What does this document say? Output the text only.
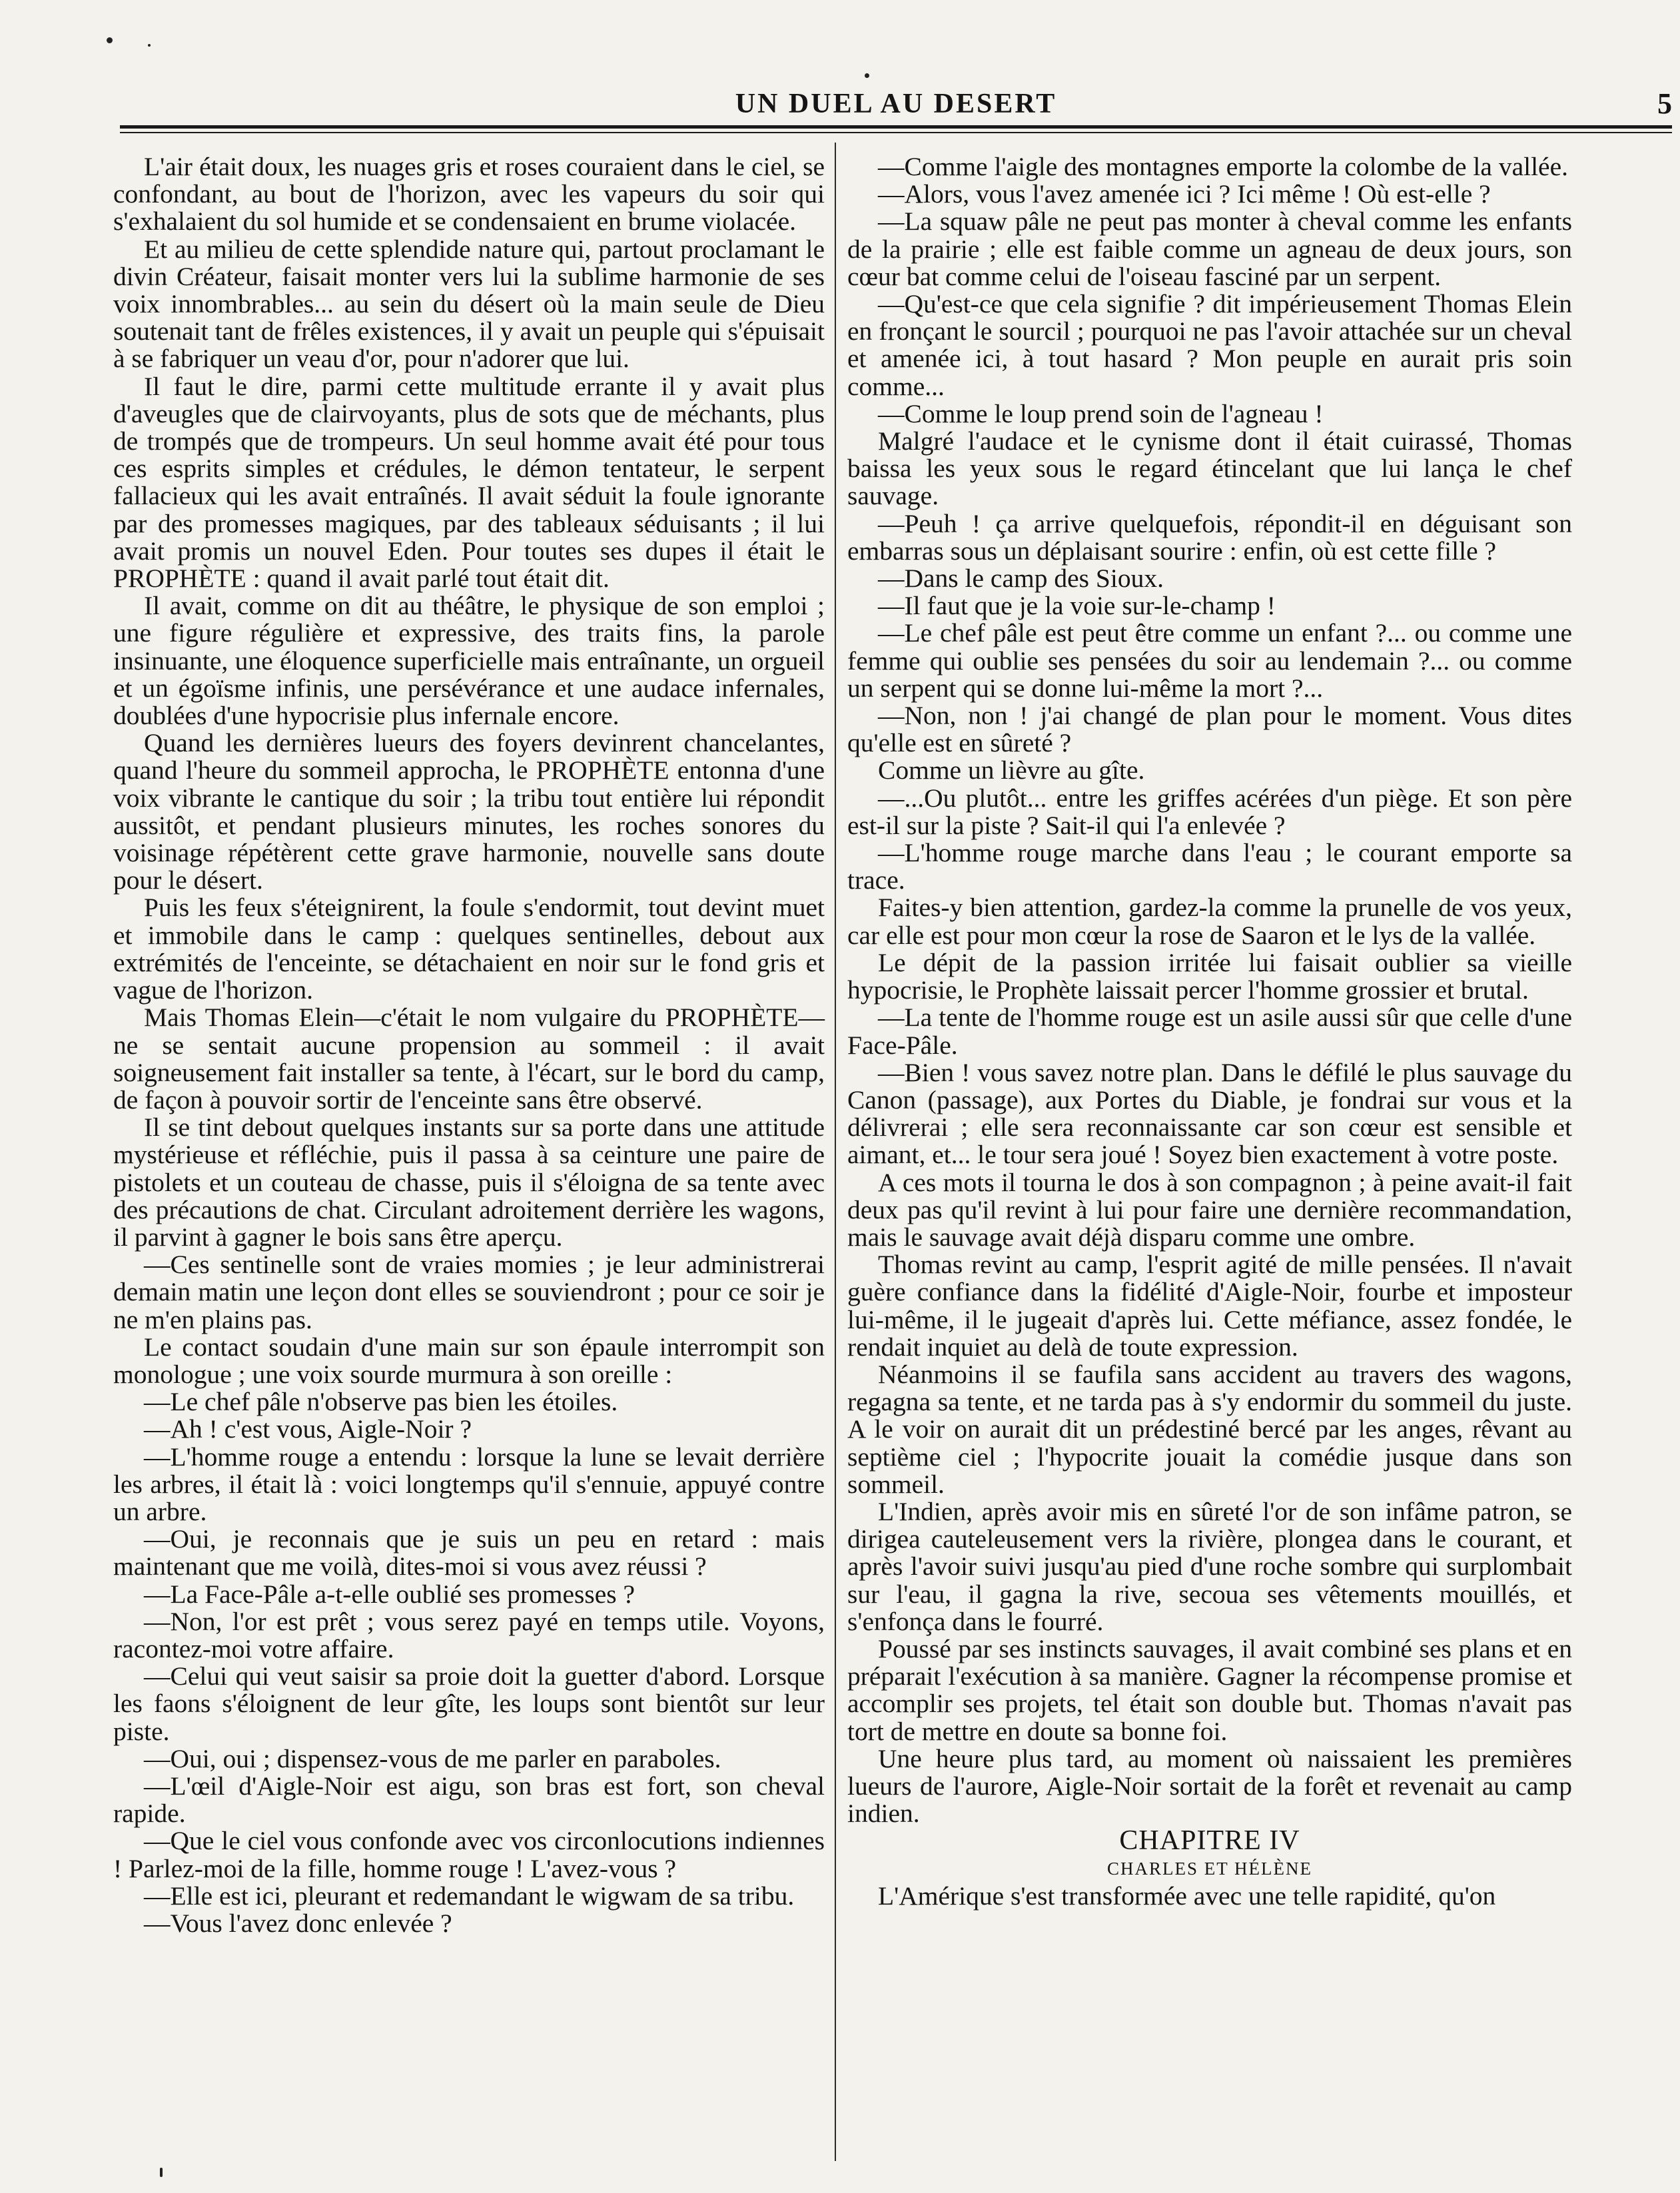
UN DUEL AU DESERT	5

L'air était doux, les nuages gris et roses couraient dans le ciel, se confondant, au bout de l'horizon, avec les vapeurs du soir qui s'exhalaient du sol humide et se condensaient en brume violacée.

Et au milieu de cette splendide nature qui, partout proclamant le divin Créateur, faisait monter vers lui la sublime harmonie de ses voix innombrables... au sein du désert où la main seule de Dieu soutenait tant de frêles existences, il y avait un peuple qui s'épuisait à se fabriquer un veau d'or, pour n'adorer que lui.

Il faut le dire, parmi cette multitude errante il y avait plus d'aveugles que de clairvoyants, plus de sots que de méchants, plus de trompés que de trompeurs. Un seul homme avait été pour tous ces esprits simples et crédules, le démon tentateur, le serpent fallacieux qui les avait entraînés. Il avait séduit la foule ignorante par des promesses magiques, par des tableaux séduisants ; il lui avait promis un nouvel Eden. Pour toutes ses dupes il était le PROPHÈTE : quand il avait parlé tout était dit.

Il avait, comme on dit au théâtre, le physique de son emploi ; une figure régulière et expressive, des traits fins, la parole insinuante, une éloquence superficielle mais entraînante, un orgueil et un égoïsme infinis, une persévérance et une audace infernales, doublées d'une hypocrisie plus infernale encore.

Quand les dernières lueurs des foyers devinrent chancelantes, quand l'heure du sommeil approcha, le PROPHÈTE entonna d'une voix vibrante le cantique du soir ; la tribu tout entière lui répondit aussitôt, et pendant plusieurs minutes, les roches sonores du voisinage répétèrent cette grave harmonie, nouvelle sans doute pour le désert.

Puis les feux s'éteignirent, la foule s'endormit, tout devint muet et immobile dans le camp : quelques sentinelles, debout aux extrémités de l'enceinte, se détachaient en noir sur le fond gris et vague de l'horizon.

Mais Thomas Elein—c'était le nom vulgaire du PROPHÈTE—ne se sentait aucune propension au sommeil : il avait soigneusement fait installer sa tente, à l'écart, sur le bord du camp, de façon à pouvoir sortir de l'enceinte sans être observé.

Il se tint debout quelques instants sur sa porte dans une attitude mystérieuse et réfléchie, puis il passa à sa ceinture une paire de pistolets et un couteau de chasse, puis il s'éloigna de sa tente avec des précautions de chat. Circulant adroitement derrière les wagons, il parvint à gagner le bois sans être aperçu.

—Ces sentinelle sont de vraies momies ; je leur administrerai demain matin une leçon dont elles se souviendront ; pour ce soir je ne m'en plains pas.

Le contact soudain d'une main sur son épaule interrompit son monologue ; une voix sourde murmura à son oreille :

—Le chef pâle n'observe pas bien les étoiles.

—Ah ! c'est vous, Aigle-Noir ?

—L'homme rouge a entendu : lorsque la lune se levait derrière les arbres, il était là : voici longtemps qu'il s'ennuie, appuyé contre un arbre.

—Oui, je reconnais que je suis un peu en retard : mais maintenant que me voilà, dites-moi si vous avez réussi ?

—La Face-Pâle a-t-elle oublié ses promesses ?

—Non, l'or est prêt ; vous serez payé en temps utile. Voyons, racontez-moi votre affaire.

—Celui qui veut saisir sa proie doit la guetter d'abord. Lorsque les faons s'éloignent de leur gîte, les loups sont bientôt sur leur piste.

—Oui, oui ; dispensez-vous de me parler en paraboles.

—L'œil d'Aigle-Noir est aigu, son bras est fort, son cheval rapide.

—Que le ciel vous confonde avec vos circonlocutions indiennes ! Parlez-moi de la fille, homme rouge ! L'avez-vous ?

—Elle est ici, pleurant et redemandant le wigwam de sa tribu.

—Vous l'avez donc enlevée ?

—Comme l'aigle des montagnes emporte la colombe de la vallée.

—Alors, vous l'avez amenée ici ? Ici même ! Où est-elle ?

—La squaw pâle ne peut pas monter à cheval comme les enfants de la prairie ; elle est faible comme un agneau de deux jours, son cœur bat comme celui de l'oiseau fasciné par un serpent.

—Qu'est-ce que cela signifie ? dit impérieusement Thomas Elein en fronçant le sourcil ; pourquoi ne pas l'avoir attachée sur un cheval et amenée ici, à tout hasard ? Mon peuple en aurait pris soin comme...

—Comme le loup prend soin de l'agneau !

Malgré l'audace et le cynisme dont il était cuirassé, Thomas baissa les yeux sous le regard étincelant que lui lança le chef sauvage.

—Peuh ! ça arrive quelquefois, répondit-il en déguisant son embarras sous un déplaisant sourire : enfin, où est cette fille ?

—Dans le camp des Sioux.

—Il faut que je la voie sur-le-champ !

—Le chef pâle est peut être comme un enfant ?... ou comme une femme qui oublie ses pensées du soir au lendemain ?... ou comme un serpent qui se donne lui-même la mort ?...

—Non, non ! j'ai changé de plan pour le moment. Vous dites qu'elle est en sûreté ?

Comme un lièvre au gîte.

—...Ou plutôt... entre les griffes acérées d'un piège. Et son père est-il sur la piste ? Sait-il qui l'a enlevée ?

—L'homme rouge marche dans l'eau ; le courant emporte sa trace.

Faites-y bien attention, gardez-la comme la prunelle de vos yeux, car elle est pour mon cœur la rose de Saaron et le lys de la vallée.

Le dépit de la passion irritée lui faisait oublier sa vieille hypocrisie, le Prophète laissait percer l'homme grossier et brutal.

—La tente de l'homme rouge est un asile aussi sûr que celle d'une Face-Pâle.

—Bien ! vous savez notre plan. Dans le défilé le plus sauvage du Canon (passage), aux Portes du Diable, je fondrai sur vous et la délivrerai ; elle sera reconnaissante car son cœur est sensible et aimant, et... le tour sera joué ! Soyez bien exactement à votre poste.

A ces mots il tourna le dos à son compagnon ; à peine avait-il fait deux pas qu'il revint à lui pour faire une dernière recommandation, mais le sauvage avait déjà disparu comme une ombre.

Thomas revint au camp, l'esprit agité de mille pensées. Il n'avait guère confiance dans la fidélité d'Aigle-Noir, fourbe et imposteur lui-même, il le jugeait d'après lui. Cette méfiance, assez fondée, le rendait inquiet au delà de toute expression.

Néanmoins il se faufila sans accident au travers des wagons, regagna sa tente, et ne tarda pas à s'y endormir du sommeil du juste. A le voir on aurait dit un prédestiné bercé par les anges, rêvant au septième ciel ; l'hypocrite jouait la comédie jusque dans son sommeil.

L'Indien, après avoir mis en sûreté l'or de son infâme patron, se dirigea cauteleusement vers la rivière, plongea dans le courant, et après l'avoir suivi jusqu'au pied d'une roche sombre qui surplombait sur l'eau, il gagna la rive, secoua ses vêtements mouillés, et s'enfonça dans le fourré.

Poussé par ses instincts sauvages, il avait combiné ses plans et en préparait l'exécution à sa manière. Gagner la récompense promise et accomplir ses projets, tel était son double but. Thomas n'avait pas tort de mettre en doute sa bonne foi.

Une heure plus tard, au moment où naissaient les premières lueurs de l'aurore, Aigle-Noir sortait de la forêt et revenait au camp indien.

CHAPITRE IV

CHARLES ET HÉLÈNE

L'Amérique s'est transformée avec une telle rapidité, qu'on
